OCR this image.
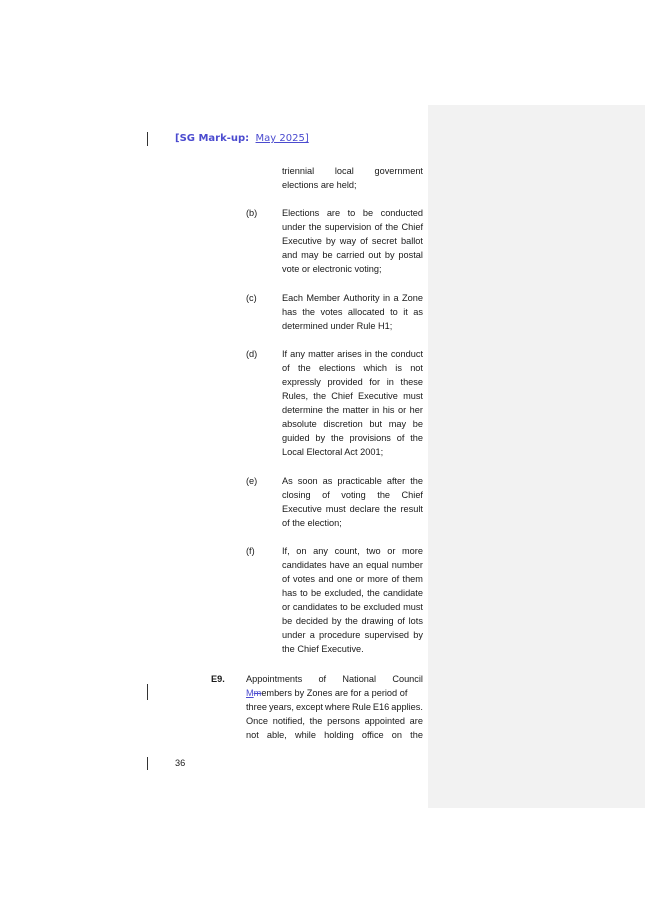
[SG Mark-up: May 2025]
triennial local government
elections are held;
(b)	Elections are to be conducted
under the supervision of the Chief
Executive by way of secret ballot
and may be carried out by postal
vote or electronic voting;
(c)	Each Member Authority in a Zone
has the votes allocated to it as
determined under Rule H1;
(d)	If any matter arises in the conduct
of the elections which is not
expressly provided for in these
Rules, the Chief Executive must
determine the matter in his or her
absolute discretion but may be
guided by the provisions of the
Local Electoral Act 2001;
(e)	As soon as practicable after the
closing of voting the Chief
Executive must declare the result
of the election;
(f)	If, on any count, two or more
candidates have an equal number
of votes and one or more of them
has to be excluded, the candidate
or candidates to be excluded must
be decided by the drawing of lots
under a procedure supervised by
the Chief Executive.
E9. Appointments of National Council
Mmembers by Zones are for a period of
three years, except where Rule E16 applies.
Once notified, the persons appointed are
not able, while holding office on the
36
